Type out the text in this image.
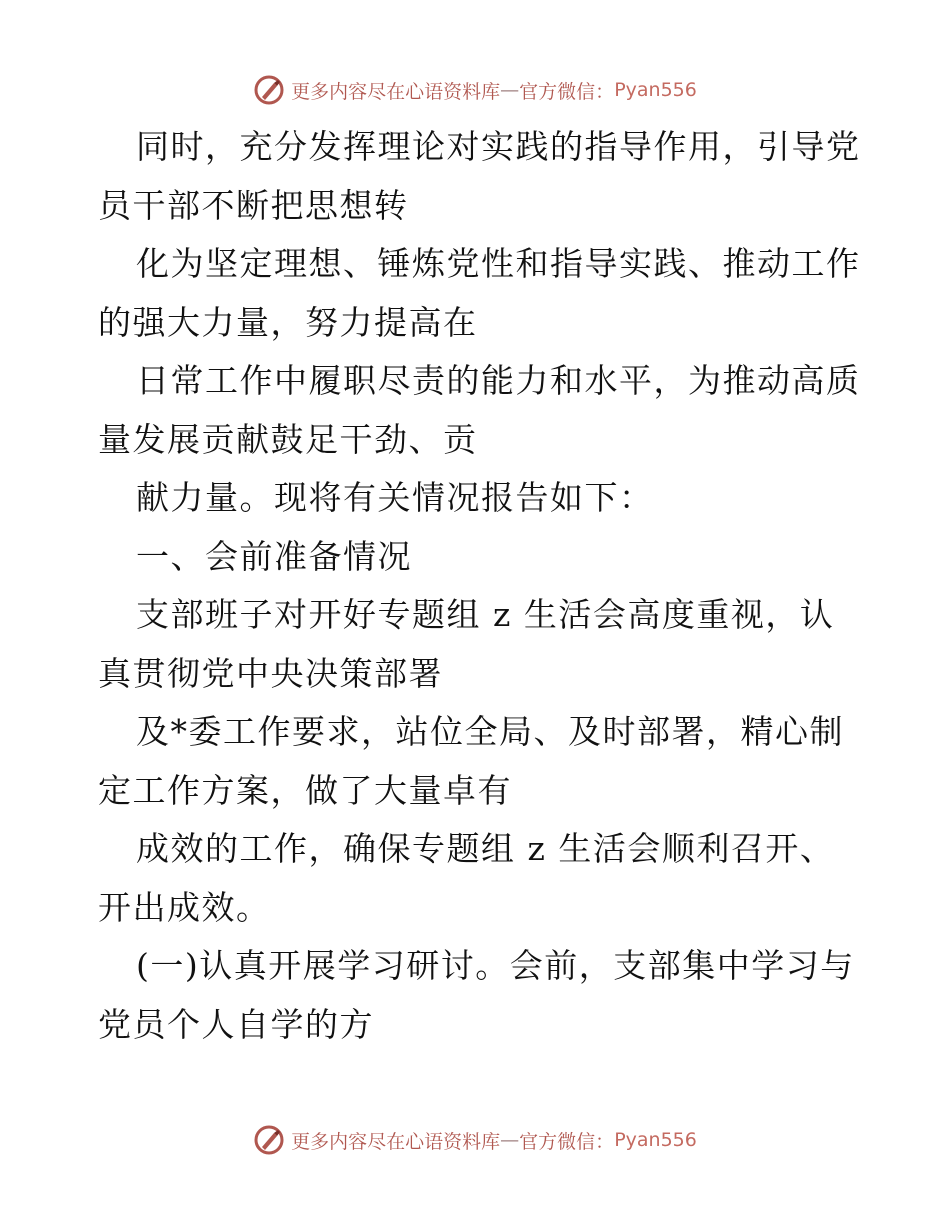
更多内容尽在心语资料库 — 官方微信： Pyan556
同时，充分发挥理论对实践的指导作用，引导党
员干部不断把思想转
化为坚定理想、锤炼党性和指导实践、推动工作
的强大力量，努力提高在
日常工作中履职尽责的能力和水平，为推动高质
量发展贡献鼓足干劲、贡
献力量。现将有关情况报告如下：
一、会前准备情况
支部班子对开好专题组 z 生活会高度重视，认
真贯彻党中央决策部署
及*委工作要求，站位全局、及时部署，精心制
定工作方案，做了大量卓有
成效的工作，确保专题组 z 生活会顺利召开、
开出成效。
(一)认真开展学习研讨。会前，支部集中学习与
党员个人自学的方
更多内容尽在心语资料库 — 官方微信： Pyan556
